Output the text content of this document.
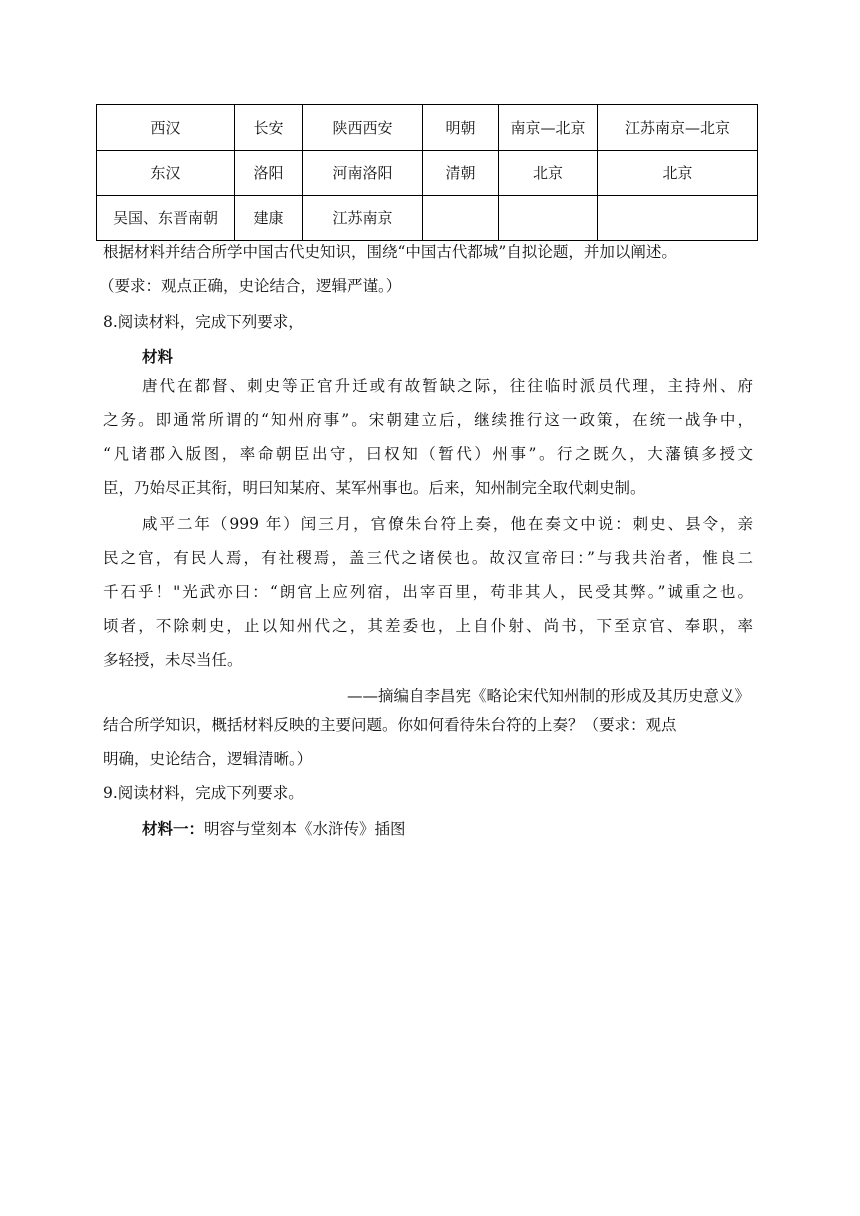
西汉	长安	陕西西安	明朝	南京—北京	江苏南京—北京
东汉	洛阳	河南洛阳	清朝	北京	北京
吴国、东晋南朝	建康	江苏南京			
根据材料并结合所学中国古代史知识，围绕“中国古代都城”自拟论题，并加以阐述。
（要求：观点正确，史论结合，逻辑严谨。）
8.阅读材料，完成下列要求，
材料
唐代在都督、刺史等正官升迁或有故暂缺之际，往往临时派员代理，主持州、府
之务。即通常所谓的“知州府事”。宋朝建立后，继续推行这一政策，在统一战争中，
“凡诸郡入版图，率命朝臣出守，曰权知（暂代）州事”。行之既久，大藩镇多授文
臣，乃始尽正其衔，明曰知某府、某军州事也。后来，知州制完全取代刺史制。
咸平二年（999 年）闰三月，官僚朱台符上奏，他在奏文中说：刺史、县令，亲
民之官，有民人焉，有社稷焉，盖三代之诸侯也。故汉宣帝曰：”与我共治者，惟良二
千石乎！"光武亦曰：“朗官上应列宿，出宰百里，苟非其人，民受其弊。”诚重之也。
顷者，不除刺史，止以知州代之，其差委也，上自仆射、尚书，下至京官、奉职，率
多轻授，未尽当任。
——摘编自李昌宪《略论宋代知州制的形成及其历史意义》
结合所学知识，概括材料反映的主要问题。你如何看待朱台符的上奏？（要求：观点
明确，史论结合，逻辑清晰。）
9.阅读材料，完成下列要求。
材料一：明容与堂刻本《水浒传》插图
